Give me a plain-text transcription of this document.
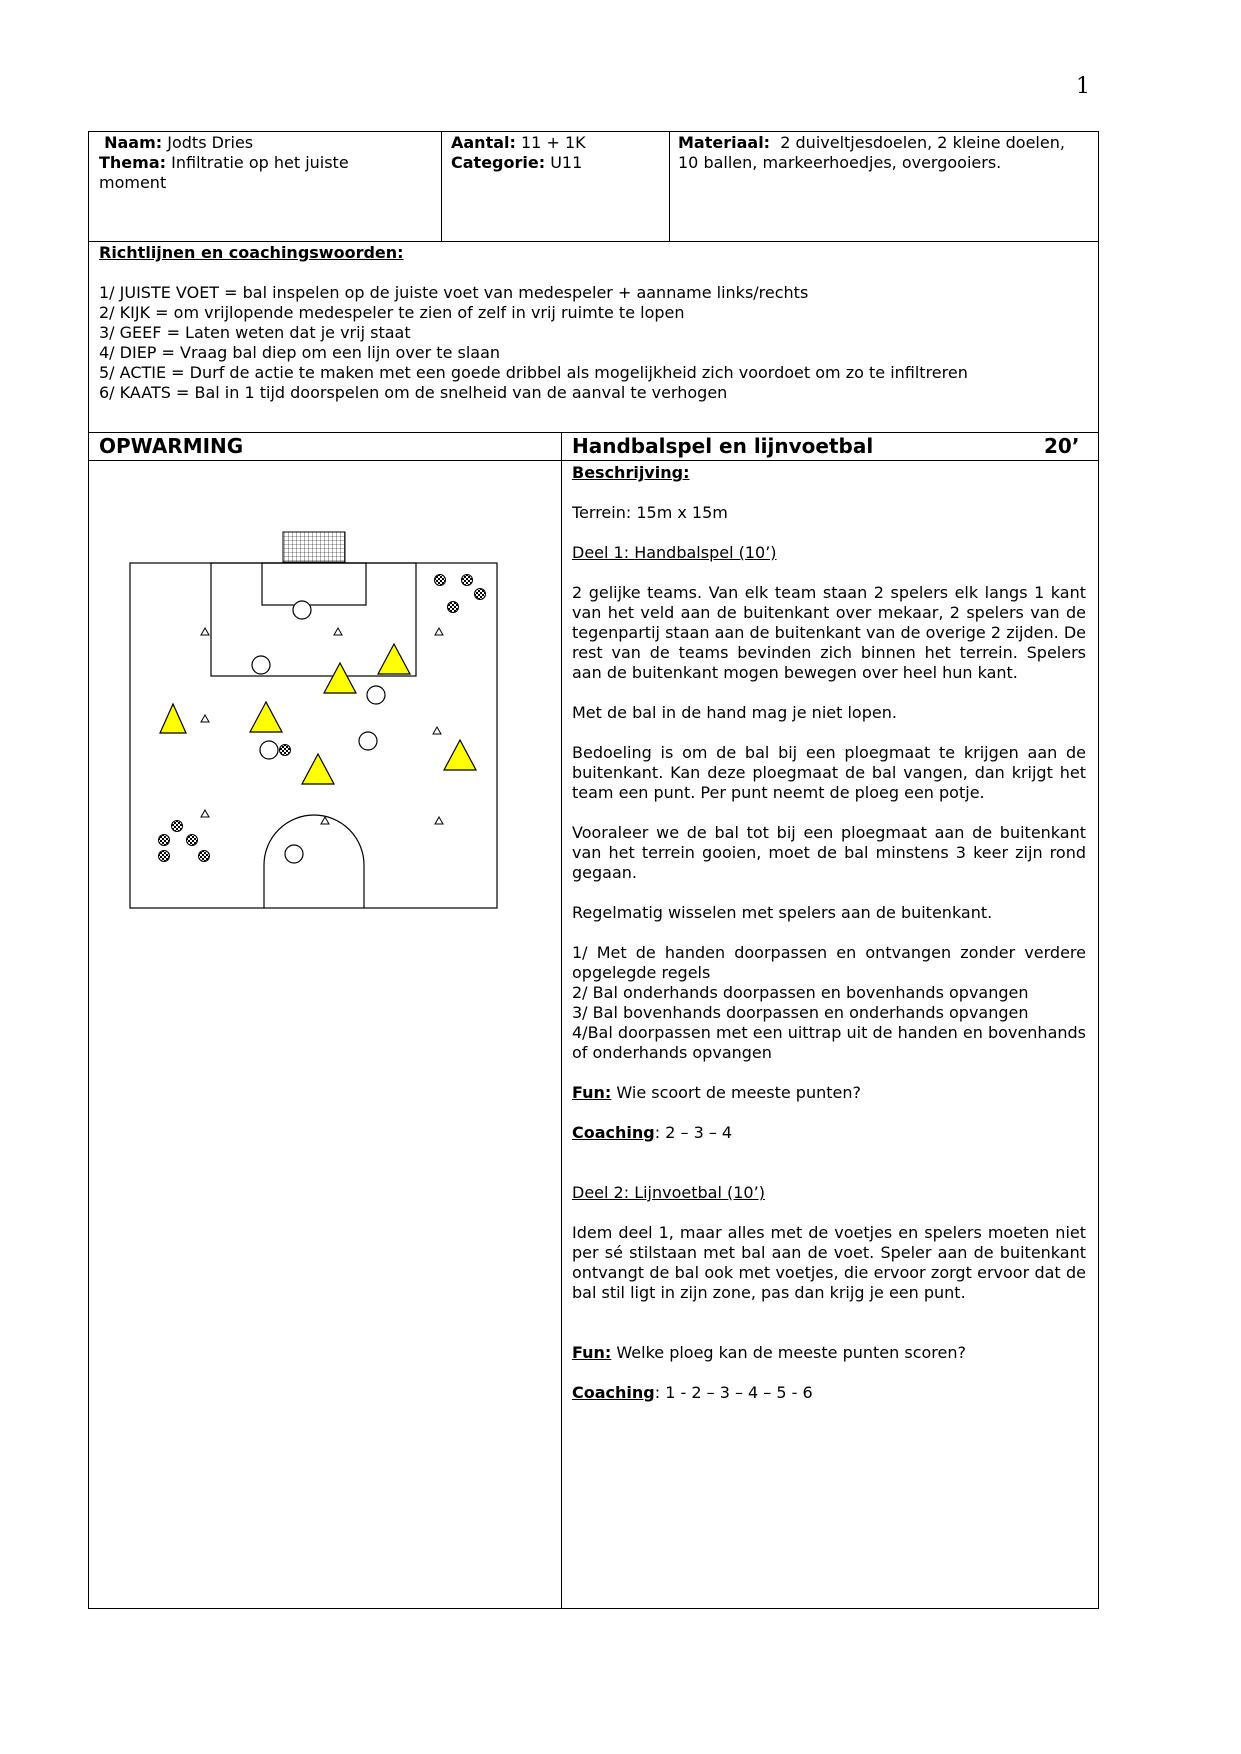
1
Naam: Jodts Dries
Thema: Infiltratie op het juiste
moment
Aantal: 11 + 1K
Categorie: U11
Materiaal: 2 duiveltjesdoelen, 2 kleine doelen,
10 ballen, markeerhoedjes, overgooiers.
Richtlijnen en coachingswoorden:
1/ JUISTE VOET = bal inspelen op de juiste voet van medespeler + aanname links/rechts
2/ KIJK = om vrijlopende medespeler te zien of zelf in vrij ruimte te lopen
3/ GEEF = Laten weten dat je vrij staat
4/ DIEP = Vraag bal diep om een lijn over te slaan
5/ ACTIE = Durf de actie te maken met een goede dribbel als mogelijkheid zich voordoet om zo te infiltreren
6/ KAATS = Bal in 1 tijd doorspelen om de snelheid van de aanval te verhogen
OPWARMING	Handbalspel en lijnvoetbal	20’

Beschrijving:

Terrein: 15m x 15m

Deel 1: Handbalspel (10’)

2 gelijke teams. Van elk team staan 2 spelers elk langs 1 kant van het veld aan de buitenkant over mekaar, 2 spelers van de tegenpartij staan aan de buitenkant van de overige 2 zijden. De rest van de teams bevinden zich binnen het terrein. Spelers aan de buitenkant mogen bewegen over heel hun kant.

Met de bal in de hand mag je niet lopen.

Bedoeling is om de bal bij een ploegmaat te krijgen aan de buitenkant. Kan deze ploegmaat de bal vangen, dan krijgt het team een punt. Per punt neemt de ploeg een potje.

Vooraleer we de bal tot bij een ploegmaat aan de buitenkant van het terrein gooien, moet de bal minstens 3 keer zijn rond gegaan.

Regelmatig wisselen met spelers aan de buitenkant.

1/ Met de handen doorpassen en ontvangen zonder verdere opgelegde regels

2/ Bal onderhands doorpassen en bovenhands opvangen

3/ Bal bovenhands doorpassen en onderhands opvangen

4/Bal doorpassen met een uittrap uit de handen en bovenhands of onderhands opvangen

Fun: Wie scoort de meeste punten?

Coaching: 2 – 3 – 4

Deel 2: Lijnvoetbal (10’)

Idem deel 1, maar alles met de voetjes en spelers moeten niet per sé stilstaan met bal aan de voet. Speler aan de buitenkant ontvangt de bal ook met voetjes, die ervoor zorgt ervoor dat de bal stil ligt in zijn zone, pas dan krijg je een punt.

Fun: Welke ploeg kan de meeste punten scoren?

Coaching: 1 - 2 – 3 – 4 – 5 - 6
